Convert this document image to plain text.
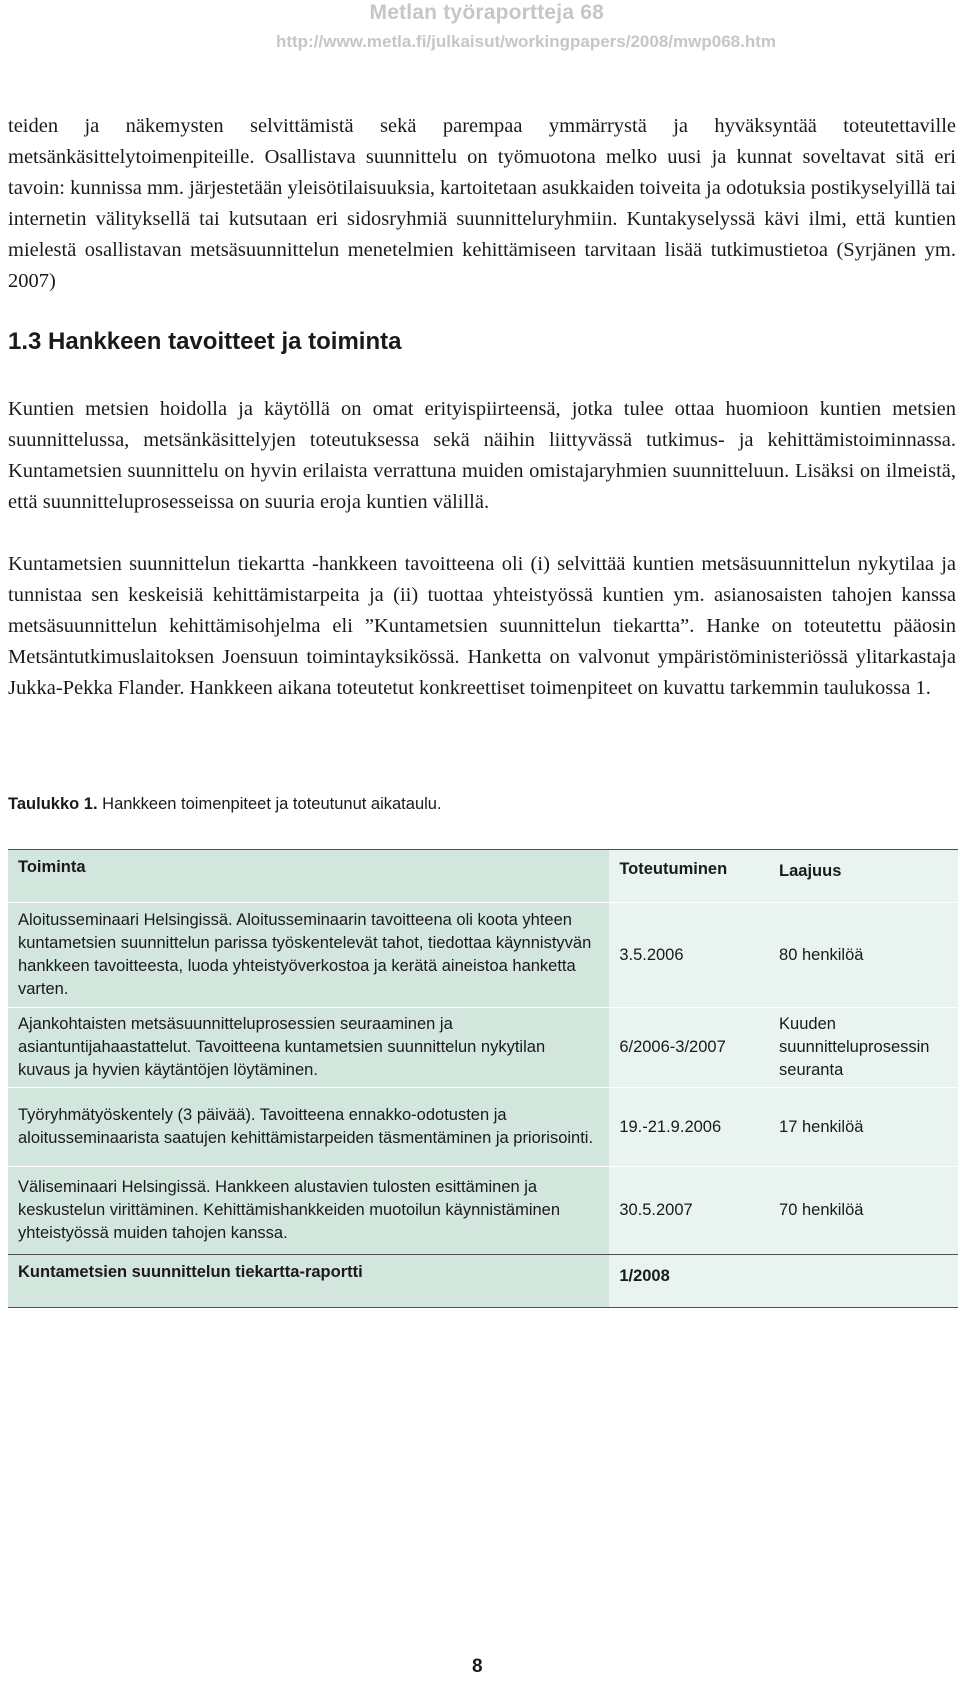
Metlan työraportteja 68
http://www.metla.fi/julkaisut/workingpapers/2008/mwp068.htm

teiden ja näkemysten selvittämistä sekä parempaa ymmärrystä ja hyväksyntää toteutettaville metsänkäsittelytoimenpiteille. Osallistava suunnittelu on työmuotona melko uusi ja kunnat soveltavat sitä eri tavoin: kunnissa mm. järjestetään yleisötilaisuuksia, kartoitetaan asukkaiden toiveita ja odotuksia postikyselyillä tai internetin välityksellä tai kutsutaan eri sidosryhmiä suunnitteluryhmiin. Kuntakyselyssä kävi ilmi, että kuntien mielestä osallistavan metsäsuunnittelun menetelmien kehittämiseen tarvitaan lisää tutkimustietoa (Syrjänen ym. 2007)

1.3 Hankkeen tavoitteet ja toiminta

Kuntien metsien hoidolla ja käytöllä on omat erityispiirteensä, jotka tulee ottaa huomioon kuntien metsien suunnittelussa, metsänkäsittelyjen toteutuksessa sekä näihin liittyvässä tutkimus- ja kehittämistoiminnassa. Kuntametsien suunnittelu on hyvin erilaista verrattuna muiden omistajaryhmien suunnitteluun. Lisäksi on ilmeistä, että suunnitteluprosesseissa on suuria eroja kuntien välillä.

Kuntametsien suunnittelun tiekartta -hankkeen tavoitteena oli (i) selvittää kuntien metsäsuunnittelun nykytilaa ja tunnistaa sen keskeisiä kehittämistarpeita ja (ii) tuottaa yhteistyössä kuntien ym. asianosaisten tahojen kanssa metsäsuunnittelun kehittämisohjelma eli ”Kuntametsien suunnittelun tiekartta”. Hanke on toteutettu pääosin Metsäntutkimuslaitoksen Joensuun toimintayksikössä. Hanketta on valvonut ympäristöministeriössä ylitarkastaja Jukka-Pekka Flander. Hankkeen aikana toteutetut konkreettiset toimenpiteet on kuvattu tarkemmin taulukossa 1.

Taulukko 1. Hankkeen toimenpiteet ja toteutunut aikataulu.
Toiminta	Toteutuminen	Laajuus
Aloitusseminaari Helsingissä. Aloitusseminaarin tavoitteena oli koota yhteen kuntametsien suunnittelun parissa työskentelevät tahot, tiedottaa käynnistyvän hankkeen tavoitteesta, luoda yhteistyöverkostoa ja kerätä aineistoa hanketta varten.	3.5.2006	80 henkilöä
Ajankohtaisten metsäsuunnitteluprosessien seuraaminen ja asiantuntijahaastattelut. Tavoitteena kuntametsien suunnittelun nykytilan kuvaus ja hyvien käytäntöjen löytäminen.	6/2006-3/2007	Kuuden suunnitteluprosessin seuranta
Työryhmätyöskentely (3 päivää). Tavoitteena ennakko-odotusten ja aloitusseminaarista saatujen kehittämistarpeiden täsmentäminen ja priorisointi.	19.-21.9.2006	17 henkilöä
Väliseminaari Helsingissä. Hankkeen alustavien tulosten esittäminen ja keskustelun virittäminen. Kehittämishankkeiden muotoilun käynnistäminen yhteistyössä muiden tahojen kanssa.	30.5.2007	70 henkilöä
Kuntametsien suunnittelun tiekartta-raportti	1/2008	
8
